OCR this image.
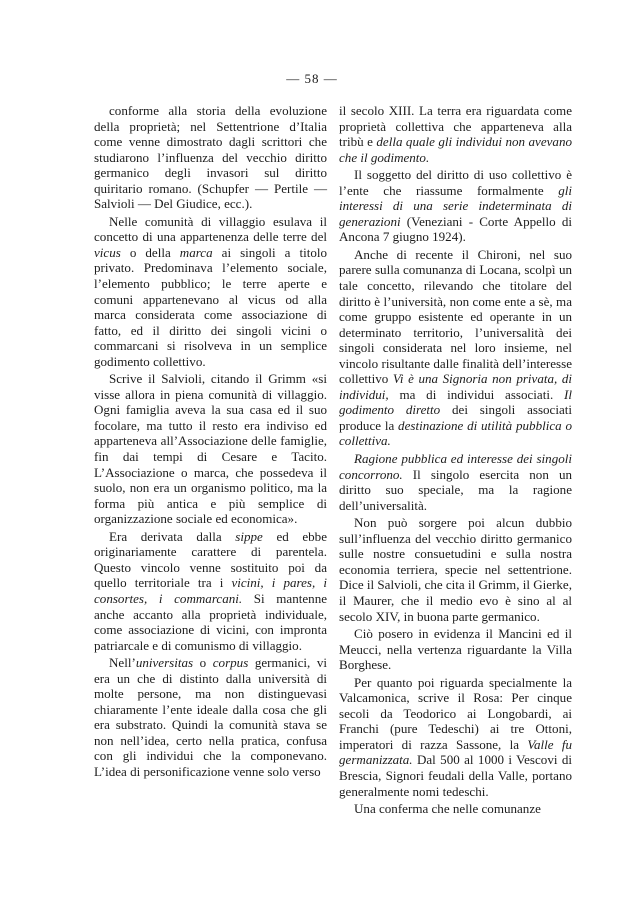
— 58 —

conforme alla storia della evoluzione della proprietà; nel Settentrione d’Italia come venne dimostrato dagli scrittori che studiarono l’influenza del vecchio diritto germanico degli invasori sul diritto quiritario romano. (Schupfer — Pertile — Salvioli — Del Giudice, ecc.).

Nelle comunità di villaggio esulava il concetto di una appartenenza delle terre del vicus o della marca ai singoli a titolo privato. Predominava l’elemento sociale, l’elemento pubblico; le terre aperte e comuni appartenevano al vicus od alla marca considerata come associazione di fatto, ed il diritto dei singoli vicini o commarcani si risolveva in un semplice godimento collettivo.

Scrive il Salvioli, citando il Grimm «si visse allora in piena comunità di villaggio. Ogni famiglia aveva la sua casa ed il suo focolare, ma tutto il resto era indiviso ed apparteneva all’Associazione delle famiglie, fin dai tempi di Cesare e Tacito. L’Associazione o marca, che possedeva il suolo, non era un organismo politico, ma la forma più antica e più semplice di organizzazione sociale ed economica».

Era derivata dalla sippe ed ebbe originariamente carattere di parentela. Questo vincolo venne sostituito poi da quello territoriale tra i vicini, i pares, i consortes, i commarcani. Si mantenne anche accanto alla proprietà individuale, come associazione di vicini, con impronta patriarcale e di comunismo di villaggio.

Nell’universitas o corpus germanici, vi era un che di distinto dalla università di molte persone, ma non distinguevasi chiaramente l’ente ideale dalla cosa che gli era substrato. Quindi la comunità stava se non nell’idea, certo nella pratica, confusa con gli individui che la componevano. L’idea di personificazione venne solo verso

il secolo XIII. La terra era riguardata come proprietà collettiva che apparteneva alla tribù e della quale gli individui non avevano che il godimento.

Il soggetto del diritto di uso collettivo è l’ente che riassume formalmente gli interessi di una serie indeterminata di generazioni (Veneziani - Corte Appello di Ancona 7 giugno 1924).

Anche di recente il Chironi, nel suo parere sulla comunanza di Locana, scolpì un tale concetto, rilevando che titolare del diritto è l’università, non come ente a sè, ma come gruppo esistente ed operante in un determinato territorio, l’universalità dei singoli considerata nel loro insieme, nel vincolo risultante dalle finalità dell’interesse collettivo Vi è una Signoria non privata, di individui, ma di individui associati. Il godimento diretto dei singoli associati produce la destinazione di utilità pubblica o collettiva.

Ragione pubblica ed interesse dei singoli concorrono. Il singolo esercita non un diritto suo speciale, ma la ragione dell’universalità.

Non può sorgere poi alcun dubbio sull’influenza del vecchio diritto germanico sulle nostre consuetudini e sulla nostra economia terriera, specie nel settentrione. Dice il Salvioli, che cita il Grimm, il Gierke, il Maurer, che il medio evo è sino al al secolo XIV, in buona parte germanico.

Ciò posero in evidenza il Mancini ed il Meucci, nella vertenza riguardante la Villa Borghese.

Per quanto poi riguarda specialmente la Valcamonica, scrive il Rosa: Per cinque secoli da Teodorico ai Longobardi, ai Franchi (pure Tedeschi) ai tre Ottoni, imperatori di razza Sassone, la Valle fu germanizzata. Dal 500 al 1000 i Vescovi di Brescia, Signori feudali della Valle, portano generalmente nomi tedeschi.

Una conferma che nelle comunanze
